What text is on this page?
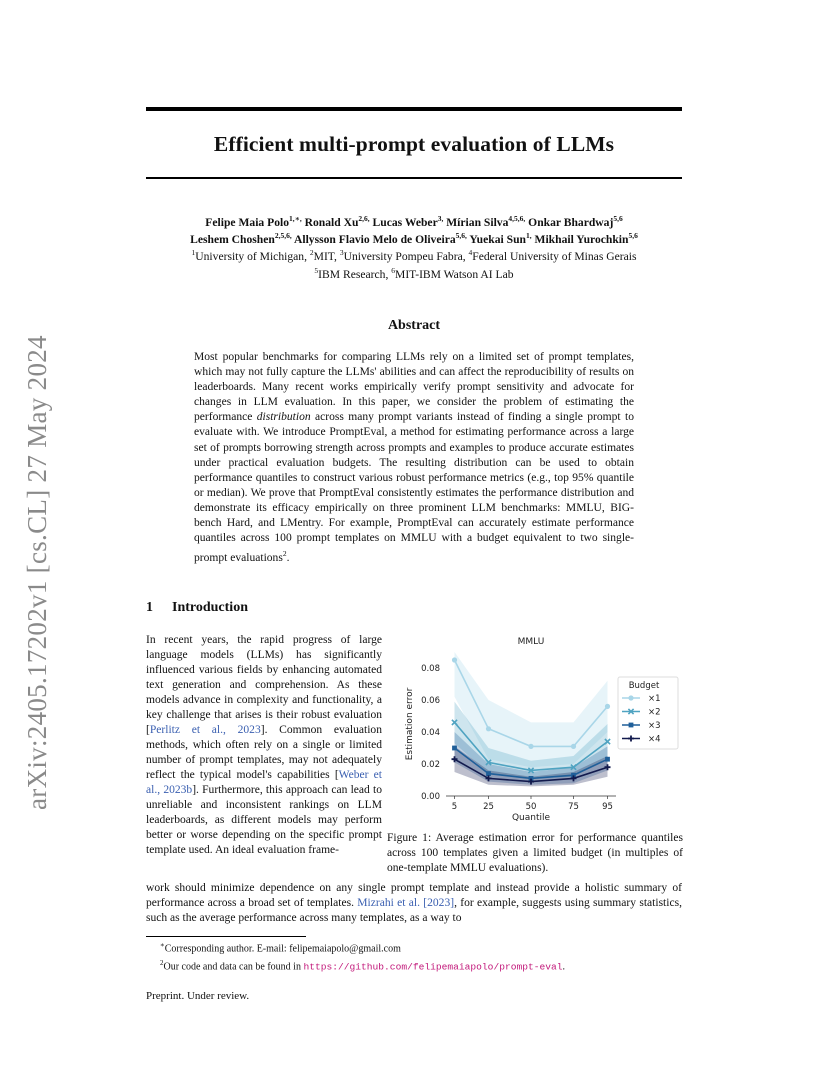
Efficient multi-prompt evaluation of LLMs
arXiv:2405.17202v1 [cs.CL] 27 May 2024
Felipe Maia Polo$^{1,∗,}$ Ronald $Xu^{2,6,}$ Lucas Weber$^{3,}$ Mírian Silva$^{4,5,6,}$ Onkar Bhardwaj$^{5,6}$
Leshem Choshen$^{2,5,6,}$ Allysson Flavio Melo de Oliveira$^{5,6,}$ Yuekai Sun$^{1,}$ Mikhail Yurochkin$^{5,6}$
$^1$University of Michigan, $^2$MIT, $^3$University Pompeu Fabra, $^4$Federal University of Minas Gerais
$^5$IBM Research, $^6$MIT-IBM Watson AI Lab
Abstract
Most popular benchmarks for comparing LLMs rely on a limited set of prompt templates, which may not fully capture the LLMs' abilities and can affect the reproducibility of results on leaderboards. Many recent works empirically verify prompt sensitivity and advocate for changes in LLM evaluation. In this paper, we consider the problem of estimating the performance distribution across many prompt variants instead of finding a single prompt to evaluate with. We introduce PromptEval, a method for estimating performance across a large set of prompts borrowing strength across prompts and examples to produce accurate estimates under practical evaluation budgets. The resulting distribution can be used to obtain performance quantiles to construct various robust performance metrics (e.g., top 95% quantile or median). We prove that PromptEval consistently estimates the performance distribution and demonstrate its efficacy empirically on three prominent LLM benchmarks: MMLU, BIG-bench Hard, and LMentry. For example, PromptEval can accurately estimate performance quantiles across 100 prompt templates on MMLU with a budget equivalent to two single-prompt evaluations$^2$.
1 Introduction
In recent years, the rapid progress of large language models (LLMs) has significantly influenced various fields by enhancing automated text generation and comprehension. As these models advance in complexity and functionality, a key challenge that arises is their robust evaluation [Perlitz et al., 2023]. Common evaluation methods, which often rely on a single or limited number of prompt templates, may not adequately reflect the typical model's capabilities [Weber et al., 2023b]. Furthermore, this approach can lead to unreliable and inconsistent rankings on LLM leaderboards, as different models may perform better or worse depending on the specific prompt template used. An ideal evaluation frame-
work should minimize dependence on any single prompt template and instead provide a holistic summary of performance across a broad set of templates. Mizrahi et al. [2023], for example, suggests using summary statistics, such as the average performance across many templates, as a way to
MMLU
5	25	50	75	95
0.00
0.02
0.04
0.06
0.08
Quantile
Estimation error
Budget
×1
×2
×3
×4
Figure 1: Average estimation error for performance quantiles across 100 templates given a limited budget (in multiples of one-template MMLU evaluations).
∗Corresponding author. E-mail: felipemaiapolo@gmail.com
$^2$Our code and data can be found in https://github.com/felipemaiapolo/prompt-eval.
Preprint. Under review.
